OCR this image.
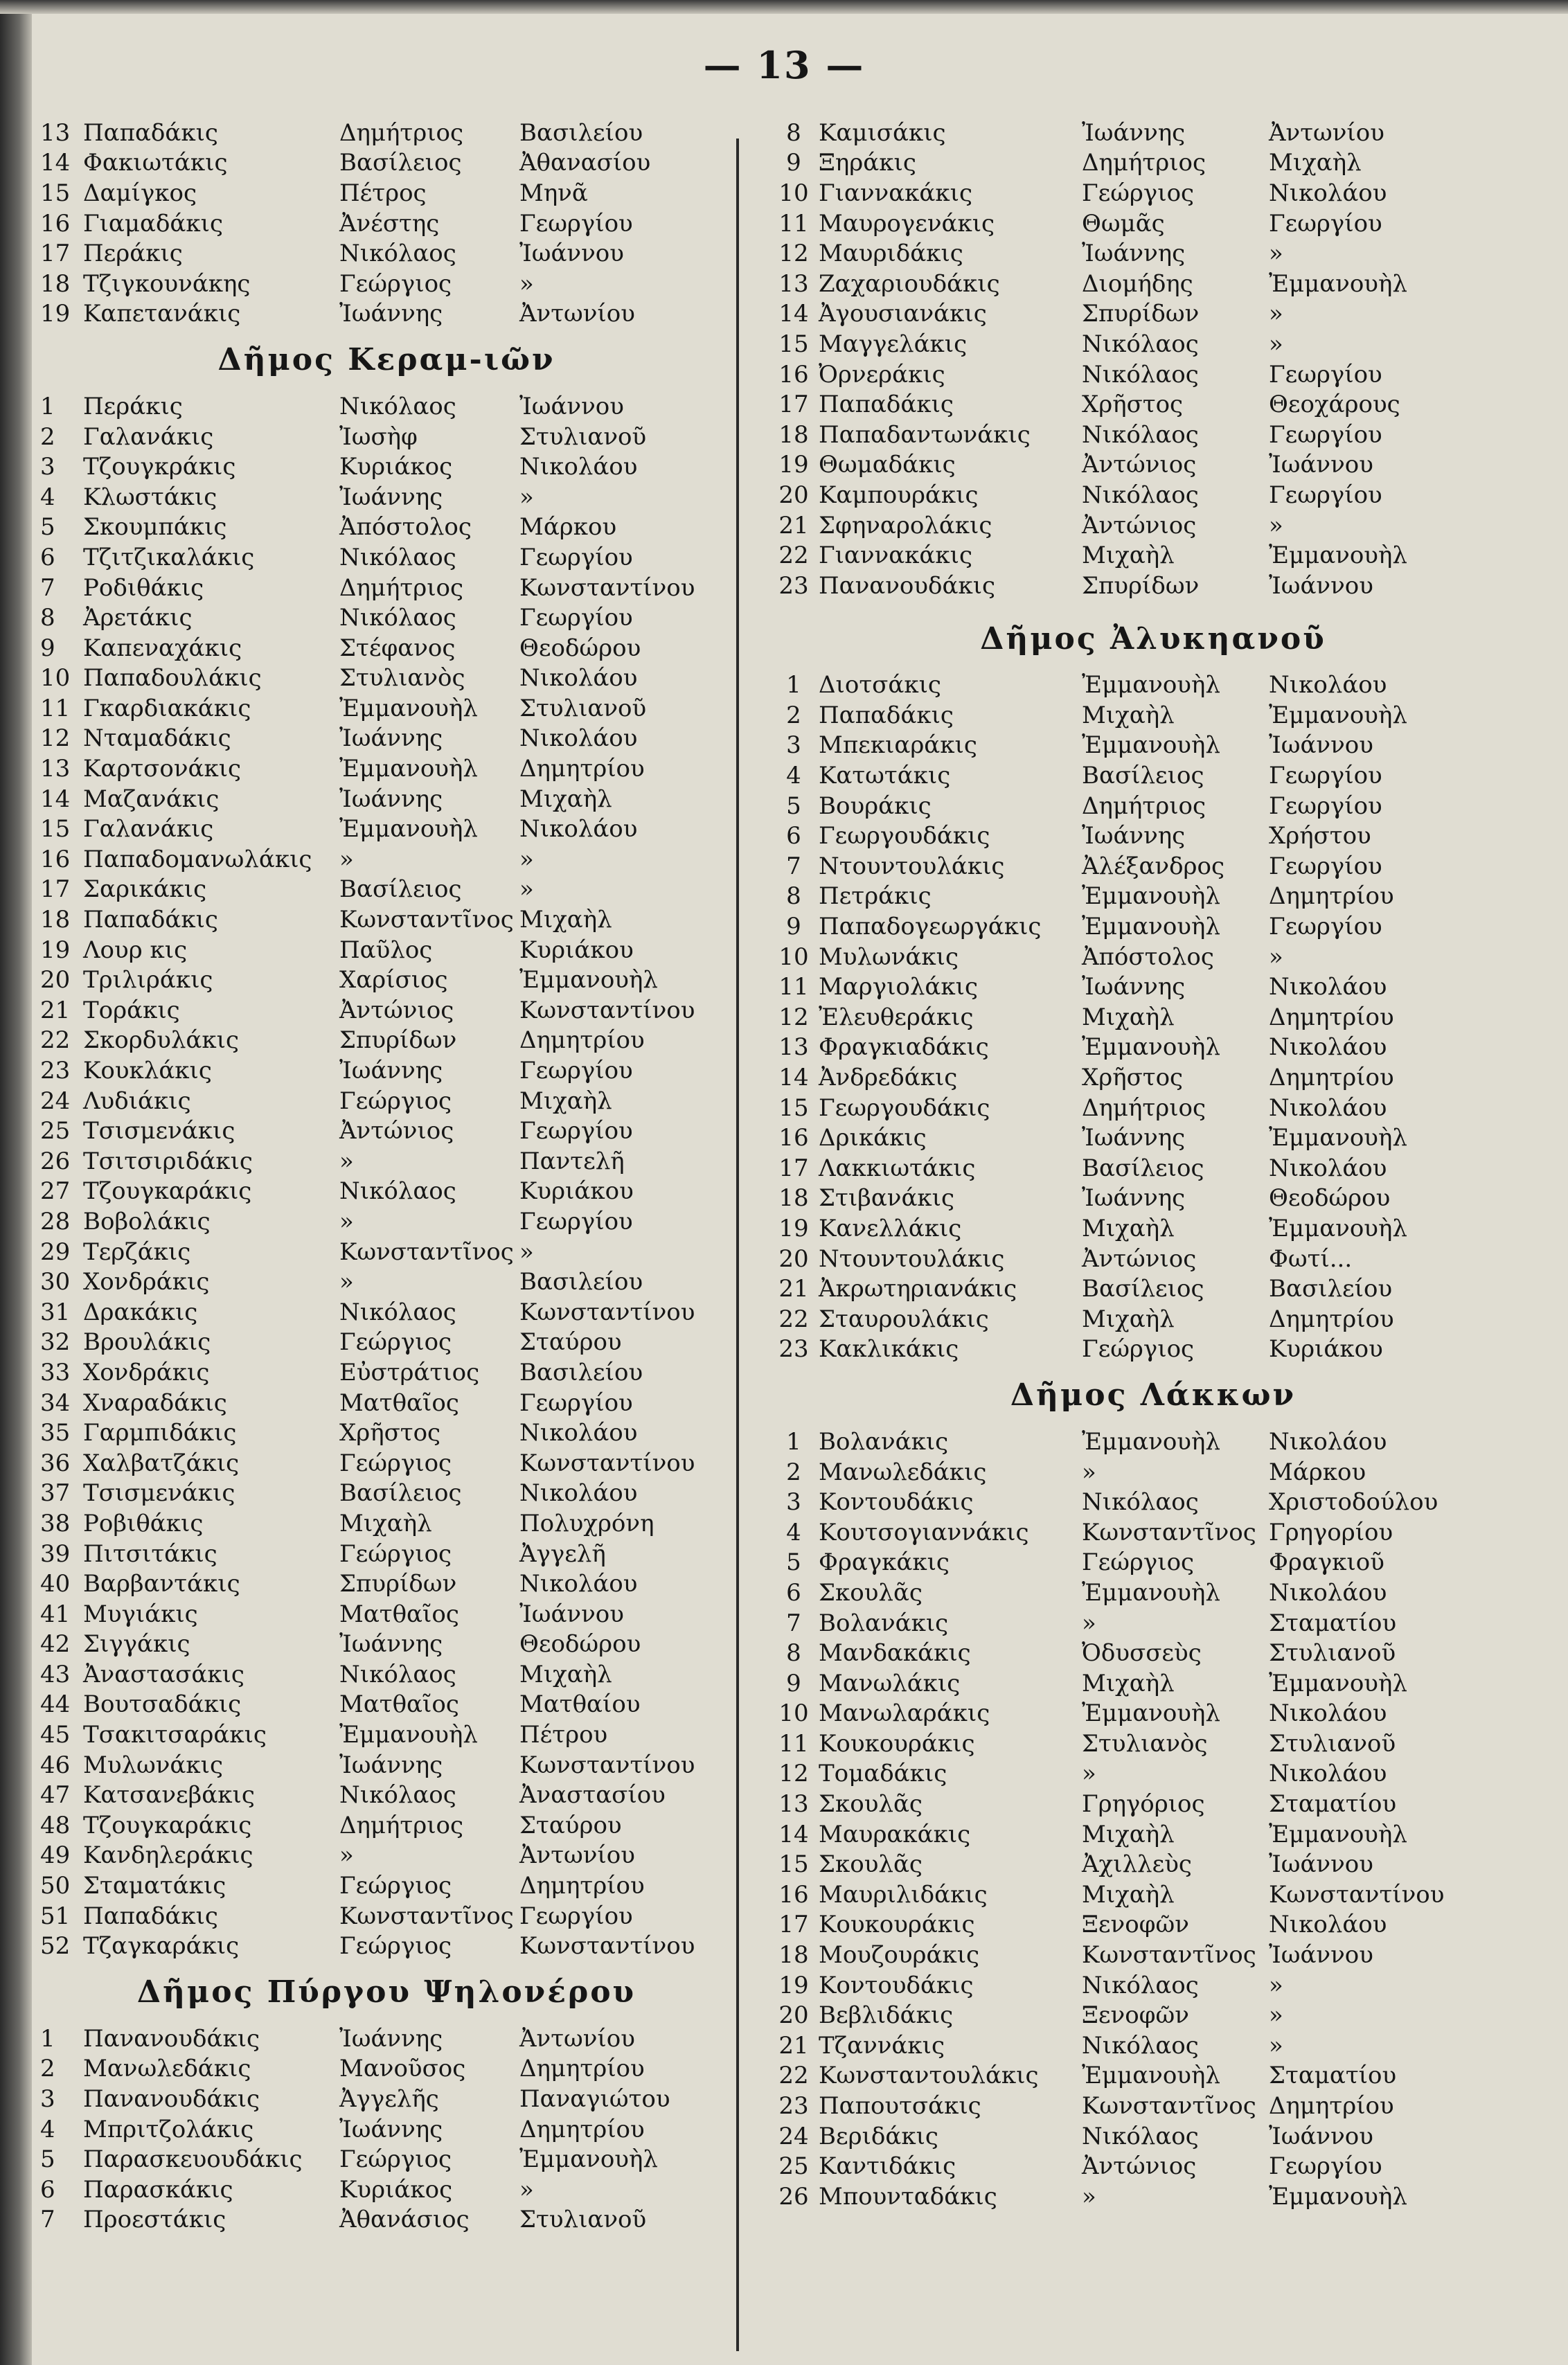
— 13 —
13 Παπαδάκις	Δημήτριος	Βασιλείου
14 Φακιωτάκις	Βασίλειος	Ἀθανασίου
15 Δαμίγκος	Πέτρος	Μηνᾶ
16 Γιαμαδάκις	Ἀνέστης	Γεωργίου
17 Περάκις	Νικόλαος	Ἰωάννου
18 Τζιγκουνάκης	Γεώργιος	»
19 Καπετανάκις	Ἰωάννης	Ἀντωνίου
Δῆμος Κεραμ-ιῶν
1	Περάκις	Νικόλαος	Ἰωάννου
2	Γαλανάκις	Ἰωσὴφ	Στυλιανοῦ
3	Τζουγκράκις	Κυριάκος	Νικολάου
4	Κλωστάκις	Ἰωάννης	»
5	Σκουμπάκις	Ἀπόστολος	Μάρκου
6	Τζιτζικαλάκις	Νικόλαος	Γεωργίου
7	Ροδιθάκις	Δημήτριος	Κωνσταντίνου
8	Ἀρετάκις	Νικόλαος	Γεωργίου
9	Καπεναχάκις	Στέφανος	Θεοδώρου
10 Παπαδουλάκις	Στυλιανὸς	Νικολάου
11 Γκαρδιακάκις	Ἐμμανουὴλ	Στυλιανοῦ
12 Νταμαδάκις	Ἰωάννης	Νικολάου
13 Καρτσονάκις	Ἐμμανουὴλ	Δημητρίου
14 Μαζανάκις	Ἰωάννης	Μιχαὴλ
15 Γαλανάκις	Ἐμμανουὴλ	Νικολάου
16 Παπαδομανωλάκις	»	»
17 Σαρικάκις	Βασίλειος	»
18 Παπαδάκις	Κωνσταντῖνος Μιχαὴλ
19 Λουρ κις	Παῦλος	Κυριάκου
20 Τριλιράκις	Χαρίσιος	Ἐμμανουὴλ
21 Τοράκις	Ἀντώνιος	Κωνσταντίνου
22 Σκορδυλάκις	Σπυρίδων	Δημητρίου
23 Κουκλάκις	Ἰωάννης	Γεωργίου
24 Λυδιάκις	Γεώργιος	Μιχαὴλ
25 Τσισμενάκις	Ἀντώνιος	Γεωργίου
26 Τσιτσιριδάκις	»	Παντελῆ
27 Τζουγκαράκις	Νικόλαος	Κυριάκου
28 Βοβολάκις	»	Γεωργίου
29 Τερζάκις	Κωνσταντῖνος »
30 Χονδράκις	»	Βασιλείου
31 Δρακάκις	Νικόλαος	Κωνσταντίνου
32 Βρουλάκις	Γεώργιος	Σταύρου
33 Χονδράκις	Εὐστράτιος	Βασιλείου
34 Χναραδάκις	Ματθαῖος	Γεωργίου
35 Γαρμπιδάκις	Χρῆστος	Νικολάου
36 Χαλβατζάκις	Γεώργιος	Κωνσταντίνου
37 Τσισμενάκις	Βασίλειος	Νικολάου
38 Ροβιθάκις	Μιχαὴλ	Πολυχρόνη
39 Πιτσιτάκις	Γεώργιος	Ἀγγελῆ
40 Βαρβαντάκις	Σπυρίδων	Νικολάου
41 Μυγιάκις	Ματθαῖος	Ἰωάννου
42 Σιγγάκις	Ἰωάννης	Θεοδώρου
43 Ἀναστασάκις	Νικόλαος	Μιχαὴλ
44 Βουτσαδάκις	Ματθαῖος	Ματθαίου
45 Τσακιτσαράκις	Ἐμμανουὴλ	Πέτρου
46 Μυλωνάκις	Ἰωάννης	Κωνσταντίνου
47 Κατσανεβάκις	Νικόλαος	Ἀναστασίου
48 Τζουγκαράκις	Δημήτριος	Σταύρου
49 Κανδηλεράκις	»	Ἀντωνίου
50 Σταματάκις	Γεώργιος	Δημητρίου
51 Παπαδάκις	Κωνσταντῖνος Γεωργίου
52 Τζαγκαράκις	Γεώργιος	Κωνσταντίνου
Δῆμος Πύργου Ψηλονέρου
1	Πανανουδάκις	Ἰωάννης	Ἀντωνίου
2	Μανωλεδάκις	Μανοῦσος	Δημητρίου
3	Πανανουδάκις	Ἀγγελῆς	Παναγιώτου
4	Μπριτζολάκις	Ἰωάννης	Δημητρίου
5	Παρασκευουδάκις	Γεώργιος	Ἐμμανουὴλ
6	Παρασκάκις	Κυριάκος	»
7	Προεστάκις	Ἀθανάσιος	Στυλιανοῦ
8 Καμισάκις	Ἰωάννης	Ἀντωνίου
9 Ξηράκις	Δημήτριος	Μιχαὴλ
10 Γιαννακάκις	Γεώργιος	Νικολάου
11 Μαυρογενάκις	Θωμᾶς	Γεωργίου
12 Μαυριδάκις	Ἰωάννης	»
13 Ζαχαριουδάκις	Διομήδης	Ἐμμανουὴλ
14 Ἀγουσιανάκις	Σπυρίδων	»
15 Μαγγελάκις	Νικόλαος	»
16 Ὀρνεράκις	Νικόλαος	Γεωργίου
17 Παπαδάκις	Χρῆστος	Θεοχάρους
18 Παπαδαντωνάκις	Νικόλαος	Γεωργίου
19 Θωμαδάκις	Ἀντώνιος	Ἰωάννου
20 Καμπουράκις	Νικόλαος	Γεωργίου
21 Σφηναρολάκις	Ἀντώνιος	»
22 Γιαννακάκις	Μιχαὴλ	Ἐμμανουὴλ
23 Πανανουδάκις	Σπυρίδων	Ἰωάννου
Δῆμος Ἀλυκηανοῦ
1 Διοτσάκις	Ἐμμανουὴλ	Νικολάου
2 Παπαδάκις	Μιχαὴλ	Ἐμμανουὴλ
3 Μπεκιαράκις	Ἐμμανουὴλ	Ἰωάννου
4 Κατωτάκις	Βασίλειος	Γεωργίου
5 Βουράκις	Δημήτριος	Γεωργίου
6 Γεωργουδάκις	Ἰωάννης	Χρήστου
7 Ντουντουλάκις	Ἀλέξανδρος	Γεωργίου
8 Πετράκις	Ἐμμανουὴλ	Δημητρίου
9 Παπαδογεωργάκις	Ἐμμανουὴλ	Γεωργίου
10 Μυλωνάκις	Ἀπόστολος	»
11 Μαργιολάκις	Ἰωάννης	Νικολάου
12 Ἐλευθεράκις	Μιχαὴλ	Δημητρίου
13 Φραγκιαδάκις	Ἐμμανουὴλ	Νικολάου
14 Ἀνδρεδάκις	Χρῆστος	Δημητρίου
15 Γεωργουδάκις	Δημήτριος	Νικολάου
16 Δρικάκις	Ἰωάννης	Ἐμμανουὴλ
17 Λακκιωτάκις	Βασίλειος	Νικολάου
18 Στιβανάκις	Ἰωάννης	Θεοδώρου
19 Κανελλάκις	Μιχαὴλ	Ἐμμανουὴλ
20 Ντουντουλάκις	Ἀντώνιος	Φωτί...
21 Ἀκρωτηριανάκις	Βασίλειος	Βασιλείου
22 Σταυρουλάκις	Μιχαὴλ	Δημητρίου
23 Κακλικάκις	Γεώργιος	Κυριάκου
Δῆμος Λάκκων
1 Βολανάκις	Ἐμμανουὴλ	Νικολάου
2 Μανωλεδάκις	»	Μάρκου
3 Κοντουδάκις	Νικόλαος	Χριστοδούλου
4 Κουτσογιαννάκις	Κωνσταντῖνος Γρηγορίου
5 Φραγκάκις	Γεώργιος	Φραγκιοῦ
6 Σκουλᾶς	Ἐμμανουὴλ	Νικολάου
7 Βολανάκις	»	Σταματίου
8 Μανδακάκις	Ὀδυσσεὺς	Στυλιανοῦ
9 Μανωλάκις	Μιχαὴλ	Ἐμμανουὴλ
10 Μανωλαράκις	Ἐμμανουὴλ	Νικολάου
11 Κουκουράκις	Στυλιανὸς	Στυλιανοῦ
12 Τομαδάκις	»	Νικολάου
13 Σκουλᾶς	Γρηγόριος	Σταματίου
14 Μαυρακάκις	Μιχαὴλ	Ἐμμανουὴλ
15 Σκουλᾶς	Ἀχιλλεὺς	Ἰωάννου
16 Μαυριλιδάκις	Μιχαὴλ	Κωνσταντίνου
17 Κουκουράκις	Ξενοφῶν	Νικολάου
18 Μουζουράκις	Κωνσταντῖνος Ἰωάννου
19 Κοντουδάκις	Νικόλαος	»
20 Βεβλιδάκις	Ξενοφῶν	»
21 Τζαννάκις	Νικόλαος	»
22 Κωνσταντουλάκις	Ἐμμανουὴλ	Σταματίου
23 Παπουτσάκις	Κωνσταντῖνος Δημητρίου
24 Βεριδάκις	Νικόλαος	Ἰωάννου
25 Καντιδάκις	Ἀντώνιος	Γεωργίου
26 Μπουνταδάκις	»	Ἐμμανουὴλ
